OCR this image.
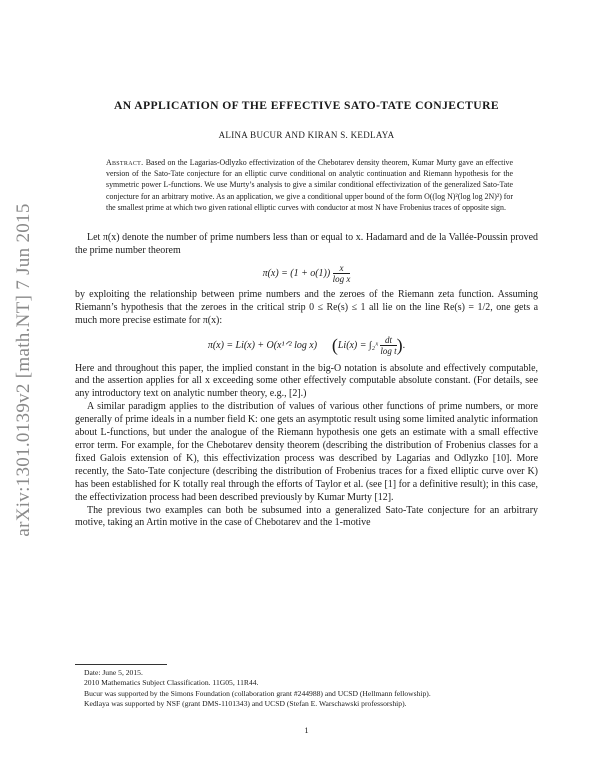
arXiv:1301.0139v2 [math.NT] 7 Jun 2015
AN APPLICATION OF THE EFFECTIVE SATO-TATE CONJECTURE
ALINA BUCUR AND KIRAN S. KEDLAYA
Abstract. Based on the Lagarias-Odlyzko effectivization of the Chebotarev density theorem, Kumar Murty gave an effective version of the Sato-Tate conjecture for an elliptic curve conditional on analytic continuation and Riemann hypothesis for the symmetric power L-functions. We use Murty’s analysis to give a similar conditional effectivization of the generalized Sato-Tate conjecture for an arbitrary motive. As an application, we give a conditional upper bound of the form O((log N)²(log log 2N)²) for the smallest prime at which two given rational elliptic curves with conductor at most N have Frobenius traces of opposite sign.

Let π(x) denote the number of prime numbers less than or equal to x. Hadamard and de la Vallée-Poussin proved the prime number theorem

$\pi(x) = (1 + o(1)) \frac{x}{\text{log x}}$

by exploiting the relationship between prime numbers and the zeroes of the Riemann zeta function. Assuming Riemann’s hypothesis that the zeroes in the critical strip 0 ≤ Re(s) ≤ 1 all lie on the line Re(s) = 1/2, one gets a much more precise estimate for π(x):

π(x) = Li(x) + O(x¹ᐟ² log x) (Li(x) = ∫₂ˣ $\frac{dt}{\text{log t}}$ ).

Here and throughout this paper, the implied constant in the big-O notation is absolute and effectively computable, and the assertion applies for all x exceeding some other effectively computable absolute constant. (For details, see any introductory text on analytic number theory, e.g., [2].)

A similar paradigm applies to the distribution of values of various other functions of prime numbers, or more generally of prime ideals in a number field K: one gets an asymptotic result using some limited analytic information about L-functions, but under the analogue of the Riemann hypothesis one gets an estimate with a small effective error term. For example, for the Chebotarev density theorem (describing the distribution of Frobenius classes for a fixed Galois extension of K), this effectivization process was described by Lagarias and Odlyzko [10]. More recently, the Sato-Tate conjecture (describing the distribution of Frobenius traces for a fixed elliptic curve over K) has been established for K totally real through the efforts of Taylor et al. (see [1] for a definitive result); in this case, the effectivization process had been described previously by Kumar Murty [12].

The previous two examples can both be subsumed into a generalized Sato-Tate conjecture for an arbitrary motive, taking an Artin motive in the case of Chebotarev and the 1-motive

Date: June 5, 2015.

2010 Mathematics Subject Classification. 11G05, 11R44.

Bucur was supported by the Simons Foundation (collaboration grant #244988) and UCSD (Hellmann fellowship).

Kedlaya was supported by NSF (grant DMS-1101343) and UCSD (Stefan E. Warschawski professorship).

1
